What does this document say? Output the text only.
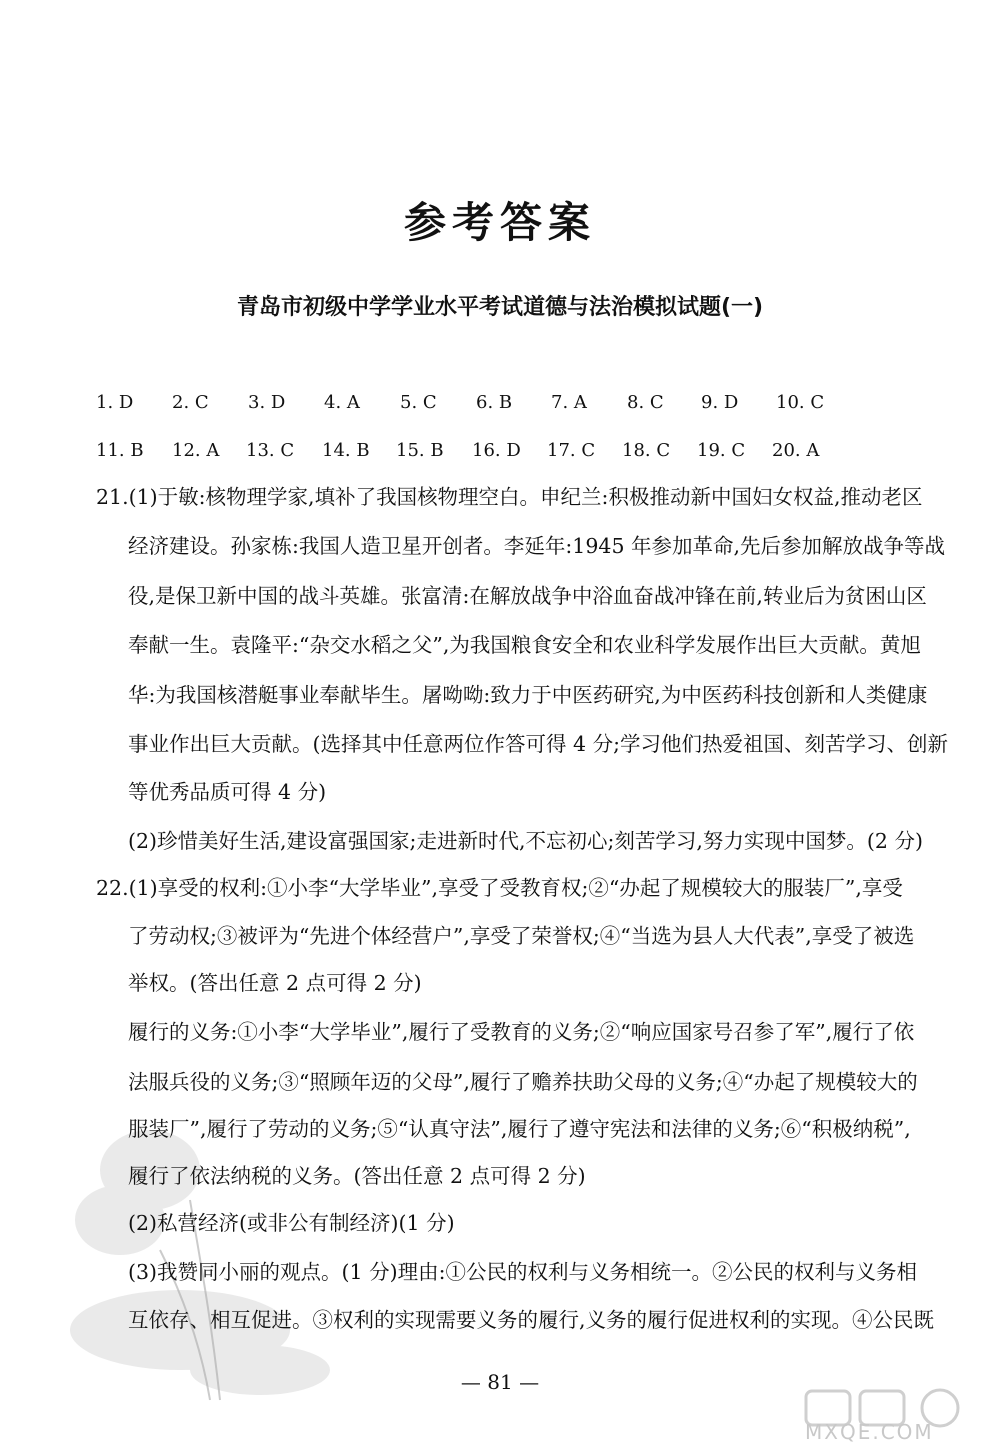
参考答案
青岛市初级中学学业水平考试道德与法治模拟试题(一)
1. D 2. C 3. D 4. A 5. C 6. B 7. A 8. C 9. D 10. C
11. B 12. A 13. C 14. B 15. B 16. D 17. C 18. C 19. C 20. A
21.(1)于敏:核物理学家,填补了我国核物理空白。申纪兰:积极推动新中国妇女权益,推动老区
经济建设。孙家栋:我国人造卫星开创者。李延年:1945 年参加革命,先后参加解放战争等战
役,是保卫新中国的战斗英雄。张富清:在解放战争中浴血奋战冲锋在前,转业后为贫困山区
奉献一生。袁隆平:“杂交水稻之父”,为我国粮食安全和农业科学发展作出巨大贡献。黄旭
华:为我国核潜艇事业奉献毕生。屠呦呦:致力于中医药研究,为中医药科技创新和人类健康
事业作出巨大贡献。(选择其中任意两位作答可得 4 分;学习他们热爱祖国、刻苦学习、创新
等优秀品质可得 4 分)
(2)珍惜美好生活,建设富强国家;走进新时代,不忘初心;刻苦学习,努力实现中国梦。(2 分)
22.(1)享受的权利:①小李“大学毕业”,享受了受教育权;②“办起了规模较大的服装厂”,享受
了劳动权;③被评为“先进个体经营户”,享受了荣誉权;④“当选为县人大代表”,享受了被选
举权。(答出任意 2 点可得 2 分)
履行的义务:①小李“大学毕业”,履行了受教育的义务;②“响应国家号召参了军”,履行了依
法服兵役的义务;③“照顾年迈的父母”,履行了赡养扶助父母的义务;④“办起了规模较大的
服装厂”,履行了劳动的义务;⑤“认真守法”,履行了遵守宪法和法律的义务;⑥“积极纳税”,
履行了依法纳税的义务。(答出任意 2 点可得 2 分)
(2)私营经济(或非公有制经济)(1 分)
(3)我赞同小丽的观点。(1 分)理由:①公民的权利与义务相统一。②公民的权利与义务相
互依存、相互促进。③权利的实现需要义务的履行,义务的履行促进权利的实现。④公民既
— 81 —
MXQE.COM
